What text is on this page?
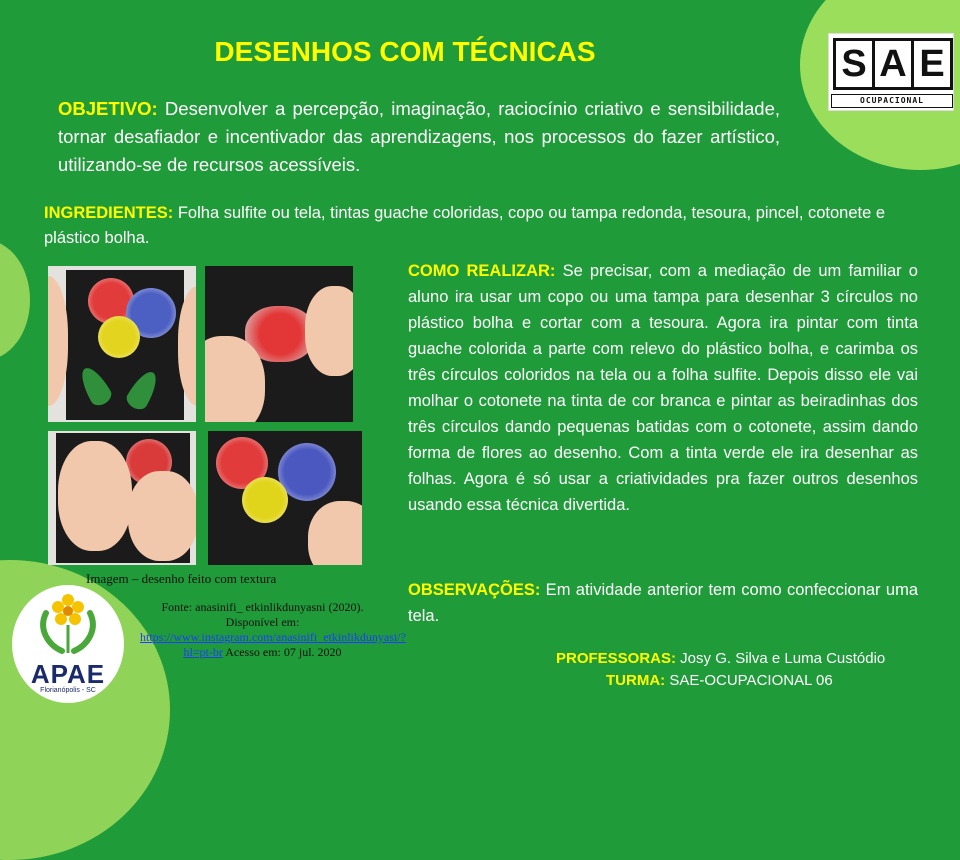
DESENHOS COM TÉCNICAS
OBJETIVO: Desenvolver a percepção, imaginação, raciocínio criativo e sensibilidade, tornar desafiador e incentivador das aprendizagens, nos processos do fazer artístico, utilizando-se de recursos acessíveis.
INGREDIENTES: Folha sulfite ou tela, tintas guache coloridas, copo ou tampa redonda, tesoura, pincel, cotonete e plástico bolha.
COMO REALIZAR: Se precisar, com a mediação de um familiar o aluno ira usar um copo ou uma tampa para desenhar 3 círculos no plástico bolha e cortar com a tesoura. Agora ira pintar com tinta guache colorida a parte com relevo do plástico bolha, e carimba os três círculos coloridos na tela ou a folha sulfite. Depois disso ele vai molhar o cotonete na tinta de cor branca e pintar as beiradinhas dos três círculos dando pequenas batidas com o cotonete, assim dando forma de flores ao desenho. Com a tinta verde ele ira desenhar as folhas. Agora é só usar a criatividades pra fazer outros desenhos usando essa técnica divertida.
OBSERVAÇÕES: Em atividade anterior tem como confeccionar uma tela.
PROFESSORAS: Josy G. Silva e Luma Custódio
TURMA: SAE-OCUPACIONAL 06
S A E
OCUPACIONAL
Imagem – desenho feito com textura
Fonte: anasinifi_ etkinlikdunyasni (2020). Disponível em: https://www.instagram.com/anasinifi_etkinlikdunyasi/?hl=pt-br Acesso em: 07 jul. 2020
APAE
Florianópolis - SC
